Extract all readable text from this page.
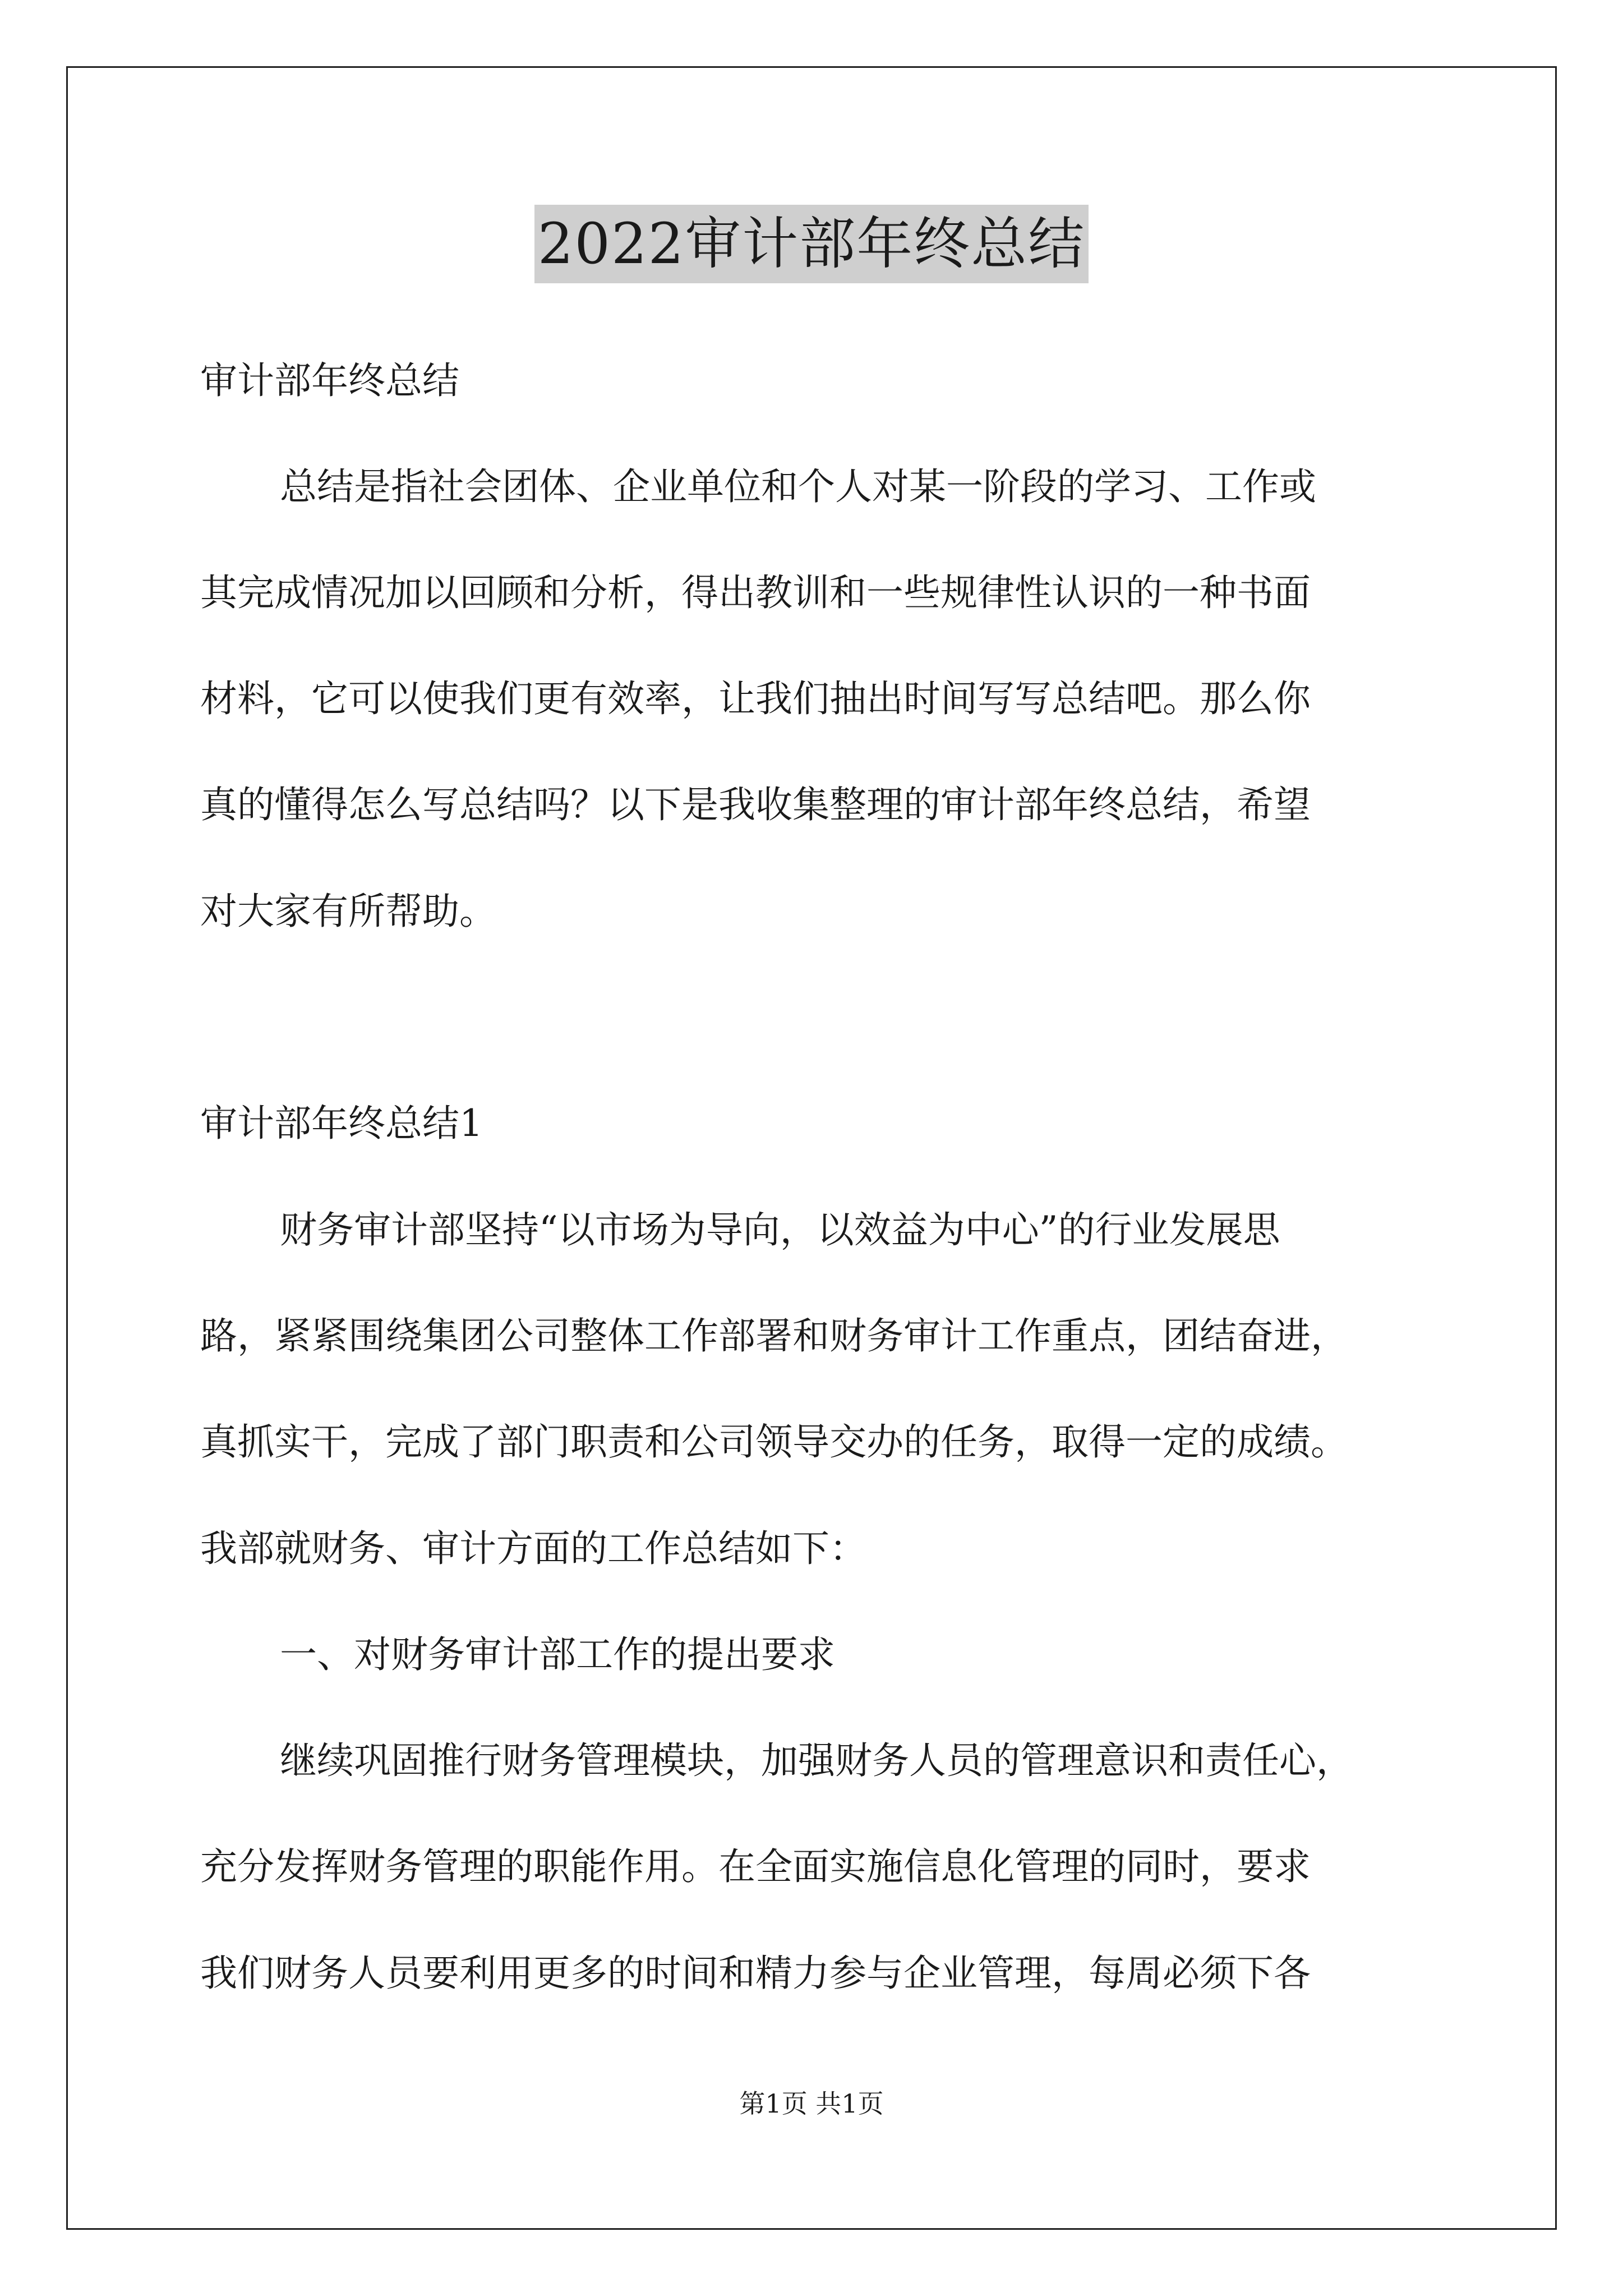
2022审计部年终总结
审计部年终总结
总结是指社会团体、企业单位和个人对某一阶段的学习、工作或
其完成情况加以回顾和分析，得出教训和一些规律性认识的一种书面
材料，它可以使我们更有效率，让我们抽出时间写写总结吧。那么你
真的懂得怎么写总结吗？以下是我收集整理的审计部年终总结，希望
对大家有所帮助。
审计部年终总结1
财务审计部坚持“以市场为导向，以效益为中心”的行业发展思
路，紧紧围绕集团公司整体工作部署和财务审计工作重点，团结奋进，
真抓实干，完成了部门职责和公司领导交办的任务，取得一定的成绩。
我部就财务、审计方面的工作总结如下：
一、对财务审计部工作的提出要求
继续巩固推行财务管理模块，加强财务人员的管理意识和责任心，
充分发挥财务管理的职能作用。在全面实施信息化管理的同时，要求
我们财务人员要利用更多的时间和精力参与企业管理，每周必须下各
第1页 共1页
